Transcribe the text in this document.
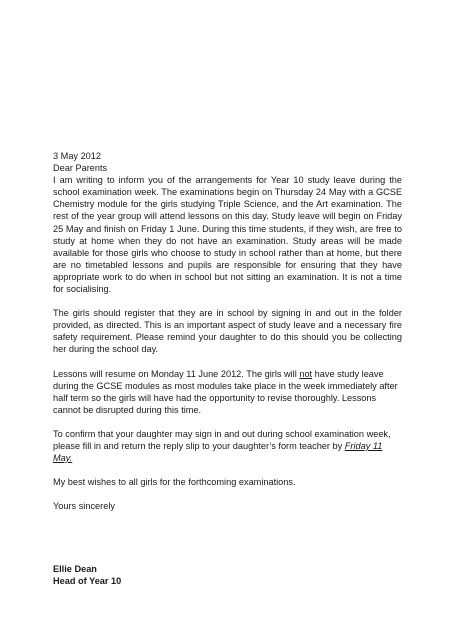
3 May 2012

Dear Parents

I am writing to inform you of the arrangements for Year 10 study leave during the school examination week. The examinations begin on Thursday 24 May with a GCSE Chemistry module for the girls studying Triple Science, and the Art examination. The rest of the year group will attend lessons on this day. Study leave will begin on Friday 25 May and finish on Friday 1 June. During this time students, if they wish, are free to study at home when they do not have an examination. Study areas will be made available for those girls who choose to study in school rather than at home, but there are no timetabled lessons and pupils are responsible for ensuring that they have appropriate work to do when in school but not sitting an examination. It is not a time for socialising.

The girls should register that they are in school by signing in and out in the folder provided, as directed. This is an important aspect of study leave and a necessary fire safety requirement. Please remind your daughter to do this should you be collecting her during the school day.

Lessons will resume on Monday 11 June 2012. The girls will not have study leave during the GCSE modules as most modules take place in the week immediately after half term so the girls will have had the opportunity to revise thoroughly. Lessons cannot be disrupted during this time.

To confirm that your daughter may sign in and out during school examination week, please fill in and return the reply slip to your daughter’s form teacher by Friday 11 May.

My best wishes to all girls for the forthcoming examinations.

Yours sincerely

Ellie Dean

Head of Year 10
